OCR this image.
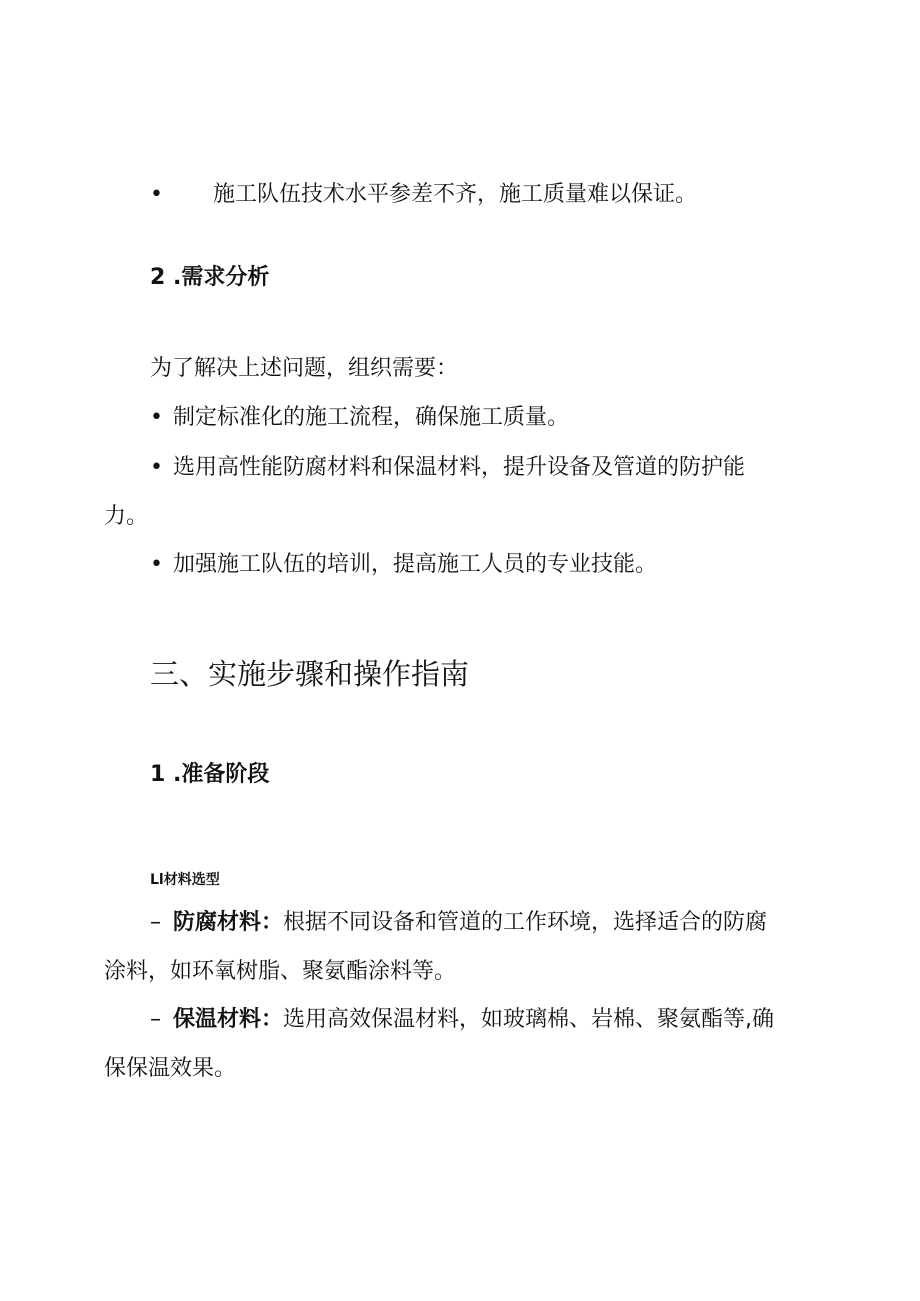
• 施工队伍技术水平参差不齐，施工质量难以保证。

2 .需求分析

为了解决上述问题，组织需要：

• 制定标准化的施工流程，确保施工质量。

• 选用高性能防腐材料和保温材料，提升设备及管道的防护能

力。

• 加强施工队伍的培训，提高施工人员的专业技能。

三、实施步骤和操作指南

1 .准备阶段

Ll材料选型

– 防腐材料：根据不同设备和管道的工作环境，选择适合的防腐

涂料，如环氧树脂、聚氨酯涂料等。

– 保温材料：选用高效保温材料，如玻璃棉、岩棉、聚氨酯等,确

保保温效果。
